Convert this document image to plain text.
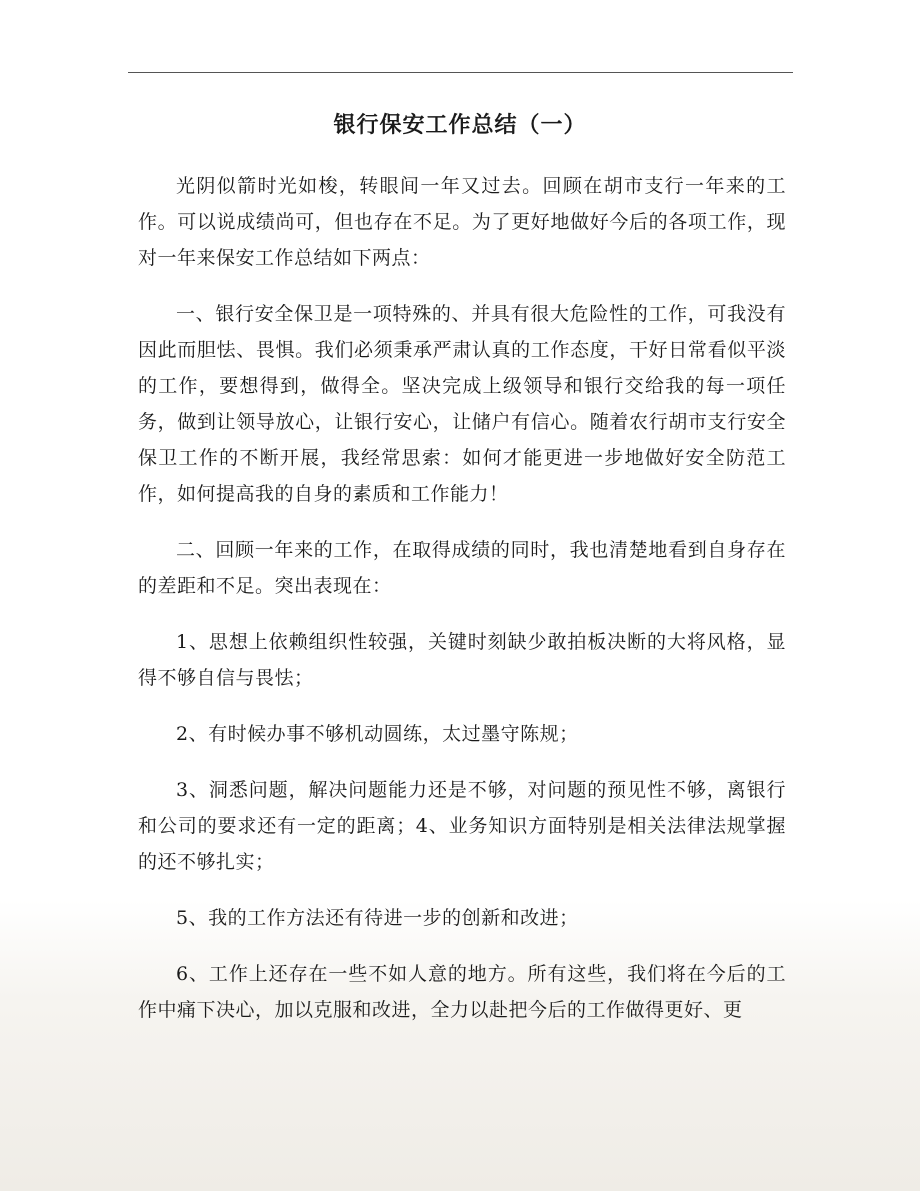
银行保安工作总结（一）

光阴似箭时光如梭，转眼间一年又过去。回顾在胡市支行一年来的工作。可以说成绩尚可，但也存在不足。为了更好地做好今后的各项工作，现对一年来保安工作总结如下两点：

一、银行安全保卫是一项特殊的、并具有很大危险性的工作，可我没有因此而胆怯、畏惧。我们必须秉承严肃认真的工作态度，干好日常看似平淡的工作，要想得到，做得全。坚决完成上级领导和银行交给我的每一项任务，做到让领导放心，让银行安心，让储户有信心。随着农行胡市支行安全保卫工作的不断开展，我经常思索：如何才能更进一步地做好安全防范工作，如何提高我的自身的素质和工作能力！

二、回顾一年来的工作，在取得成绩的同时，我也清楚地看到自身存在的差距和不足。突出表现在：

1、思想上依赖组织性较强，关键时刻缺少敢拍板决断的大将风格，显得不够自信与畏怯；

2、有时候办事不够机动圆练，太过墨守陈规；

3、洞悉问题，解决问题能力还是不够，对问题的预见性不够，离银行和公司的要求还有一定的距离；4、业务知识方面特别是相关法律法规掌握的还不够扎实；

5、我的工作方法还有待进一步的创新和改进；

6、工作上还存在一些不如人意的地方。所有这些，我们将在今后的工作中痛下决心，加以克服和改进，全力以赴把今后的工作做得更好、更
